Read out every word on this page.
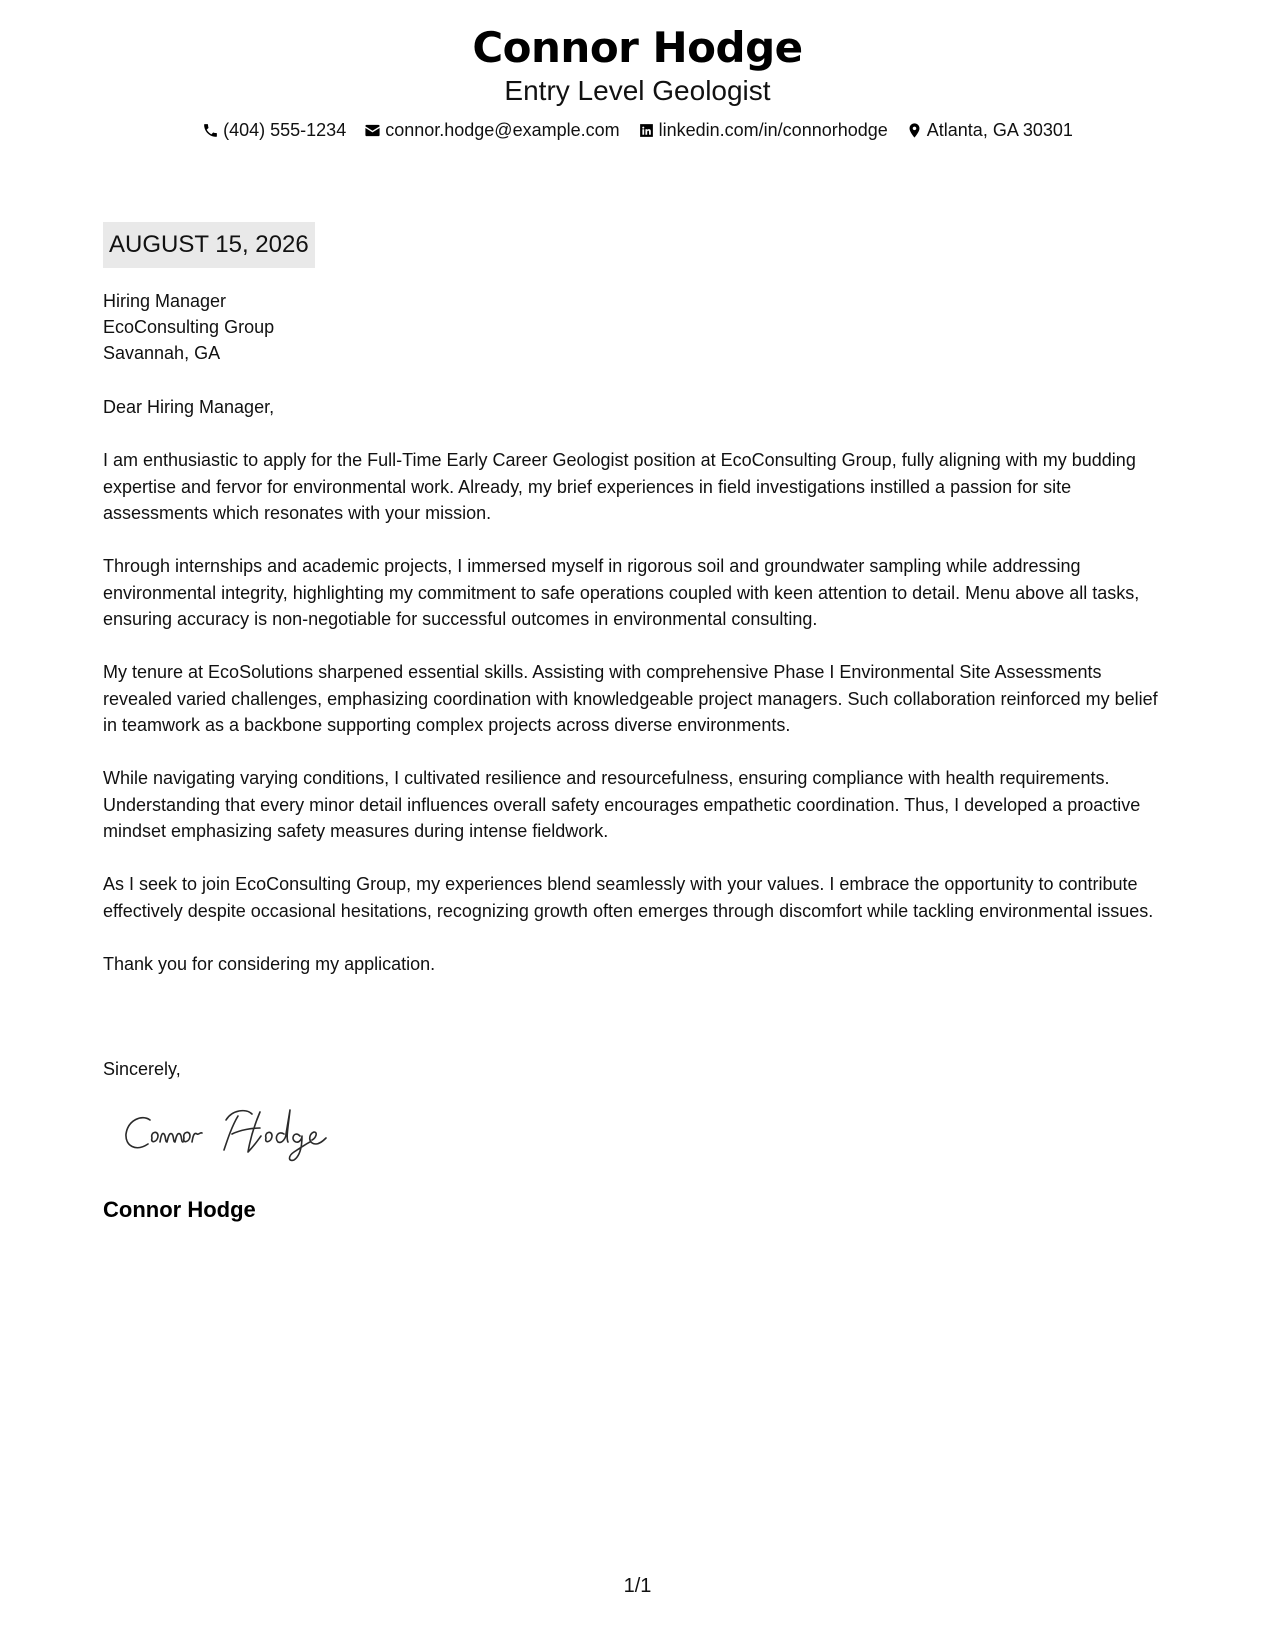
Connor Hodge
Entry Level Geologist
(404) 555-1234 connor.hodge@example.com linkedin.com/in/connorhodge Atlanta, GA 30301
AUGUST 15, 2026
Hiring Manager
EcoConsulting Group
Savannah, GA

Dear Hiring Manager,

I am enthusiastic to apply for the Full-Time Early Career Geologist position at EcoConsulting Group, fully aligning with my budding expertise and fervor for environmental work. Already, my brief experiences in field investigations instilled a passion for site assessments which resonates with your mission.

Through internships and academic projects, I immersed myself in rigorous soil and groundwater sampling while addressing environmental integrity, highlighting my commitment to safe operations coupled with keen attention to detail. Menu above all tasks, ensuring accuracy is non-negotiable for successful outcomes in environmental consulting.

My tenure at EcoSolutions sharpened essential skills. Assisting with comprehensive Phase I Environmental Site Assessments revealed varied challenges, emphasizing coordination with knowledgeable project managers. Such collaboration reinforced my belief in teamwork as a backbone supporting complex projects across diverse environments.

While navigating varying conditions, I cultivated resilience and resourcefulness, ensuring compliance with health requirements. Understanding that every minor detail influences overall safety encourages empathetic coordination. Thus, I developed a proactive mindset emphasizing safety measures during intense fieldwork.

As I seek to join EcoConsulting Group, my experiences blend seamlessly with your values. I embrace the opportunity to contribute effectively despite occasional hesitations, recognizing growth often emerges through discomfort while tackling environmental issues.

Thank you for considering my application.

Sincerely,
Connor Hodge
1/1
